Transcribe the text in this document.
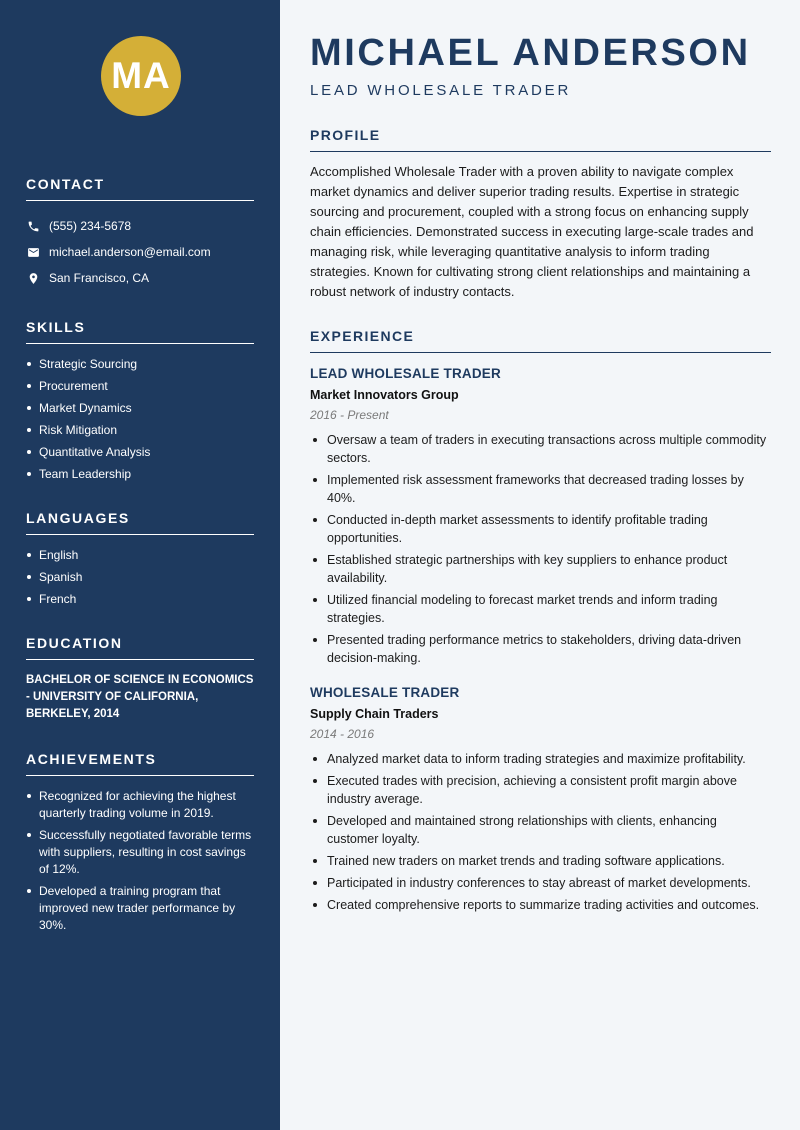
MA
CONTACT
(555) 234-5678
michael.anderson@email.com
San Francisco, CA
SKILLS
Strategic Sourcing
Procurement
Market Dynamics
Risk Mitigation
Quantitative Analysis
Team Leadership
LANGUAGES
English
Spanish
French
EDUCATION

BACHELOR OF SCIENCE IN ECONOMICS - UNIVERSITY OF CALIFORNIA, BERKELEY, 2014

ACHIEVEMENTS
Recognized for achieving the highest quarterly trading volume in 2019.
Successfully negotiated favorable terms with suppliers, resulting in cost savings of 12%.
Developed a training program that improved new trader performance by 30%.
MICHAEL ANDERSON
LEAD WHOLESALE TRADER
PROFILE

Accomplished Wholesale Trader with a proven ability to navigate complex market dynamics and deliver superior trading results. Expertise in strategic sourcing and procurement, coupled with a strong focus on enhancing supply chain efficiencies. Demonstrated success in executing large-scale trades and managing risk, while leveraging quantitative analysis to inform trading strategies. Known for cultivating strong client relationships and maintaining a robust network of industry contacts.

EXPERIENCE
LEAD WHOLESALE TRADER
Market Innovators Group
2016 - Present
Oversaw a team of traders in executing transactions across multiple commodity sectors.
Implemented risk assessment frameworks that decreased trading losses by 40%.
Conducted in-depth market assessments to identify profitable trading opportunities.
Established strategic partnerships with key suppliers to enhance product availability.
Utilized financial modeling to forecast market trends and inform trading strategies.
Presented trading performance metrics to stakeholders, driving data-driven decision-making.
WHOLESALE TRADER
Supply Chain Traders
2014 - 2016
Analyzed market data to inform trading strategies and maximize profitability.
Executed trades with precision, achieving a consistent profit margin above industry average.
Developed and maintained strong relationships with clients, enhancing customer loyalty.
Trained new traders on market trends and trading software applications.
Participated in industry conferences to stay abreast of market developments.
Created comprehensive reports to summarize trading activities and outcomes.
